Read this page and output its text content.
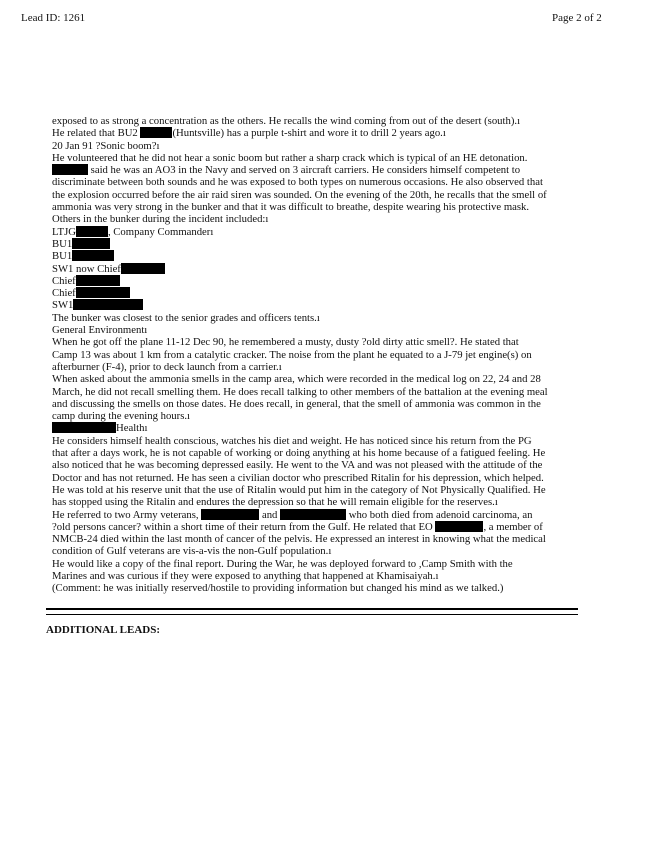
Lead ID: 1261	Page 2 of 2
exposed to as strong a concentration as the others. He recalls the wind coming from out of the desert (south).ı
He related that BU2	(Huntsville) has a purple t-shirt and wore it to drill 2 years ago.ı
20 Jan 91 ?Sonic boom?ı
He volunteered that he did not hear a sonic boom but rather a sharp crack which is typical of an HE detonation.
said he was an AO3 in the Navy and served on 3 aircraft carriers. He considers himself competent to
discriminate between both sounds and he was exposed to both types on numerous occasions. He also observed that
the explosion occurred before the air raid siren was sounded. On the evening of the 20th, he recalls that the smell of
ammonia was very strong in the bunker and that it was difficult to breathe, despite wearing his protective mask.
Others in the bunker during the incident included:ı
LTJG	, Company Commanderı
BU1
BU1
SW1 now Chief
Chief
Chief
SW1
The bunker was closest to the senior grades and officers tents.ı
General Environmentı
When he got off the plane 11-12 Dec 90, he remembered a musty, dusty ?old dirty attic smell?. He stated that
Camp 13 was about 1 km from a catalytic cracker. The noise from the plant he equated to a J-79 jet engine(s) on
afterburner (F-4), prior to deck launch from a carrier.ı
When asked about the ammonia smells in the camp area, which were recorded in the medical log on 22, 24 and 28
March, he did not recall smelling them. He does recall talking to other members of the battalion at the evening meal
and discussing the smells on those dates. He does recall, in general, that the smell of ammonia was common in the
camp during the evening hours.ı
Healthı
He considers himself health conscious, watches his diet and weight. He has noticed since his return from the PG
that after a days work, he is not capable of working or doing anything at his home because of a fatigued feeling. He
also noticed that he was becoming depressed easily. He went to the VA and was not pleased with the attitude of the
Doctor and has not returned. He has seen a civilian doctor who prescribed Ritalin for his depression, which helped.
He was told at his reserve unit that the use of Ritalin would put him in the category of Not Physically Qualified. He
has stopped using the Ritalin and endures the depression so that he will remain eligible for the reserves.ı
He referred to two Army veterans,	and	who both died from adenoid carcinoma, an
?old persons cancer? within a short time of their return from the Gulf. He related that EO	, a member of
NMCB-24 died within the last month of cancer of the pelvis. He expressed an interest in knowing what the medical
condition of Gulf veterans are vis-a-vis the non-Gulf population.ı
He would like a copy of the final report. During the War, he was deployed forward to ,Camp Smith with the
Marines and was curious if they were exposed to anything that happened at Khamisaiyah.ı
(Comment: he was initially reserved/hostile to providing information but changed his mind as we talked.)
ADDITIONAL LEADS:
